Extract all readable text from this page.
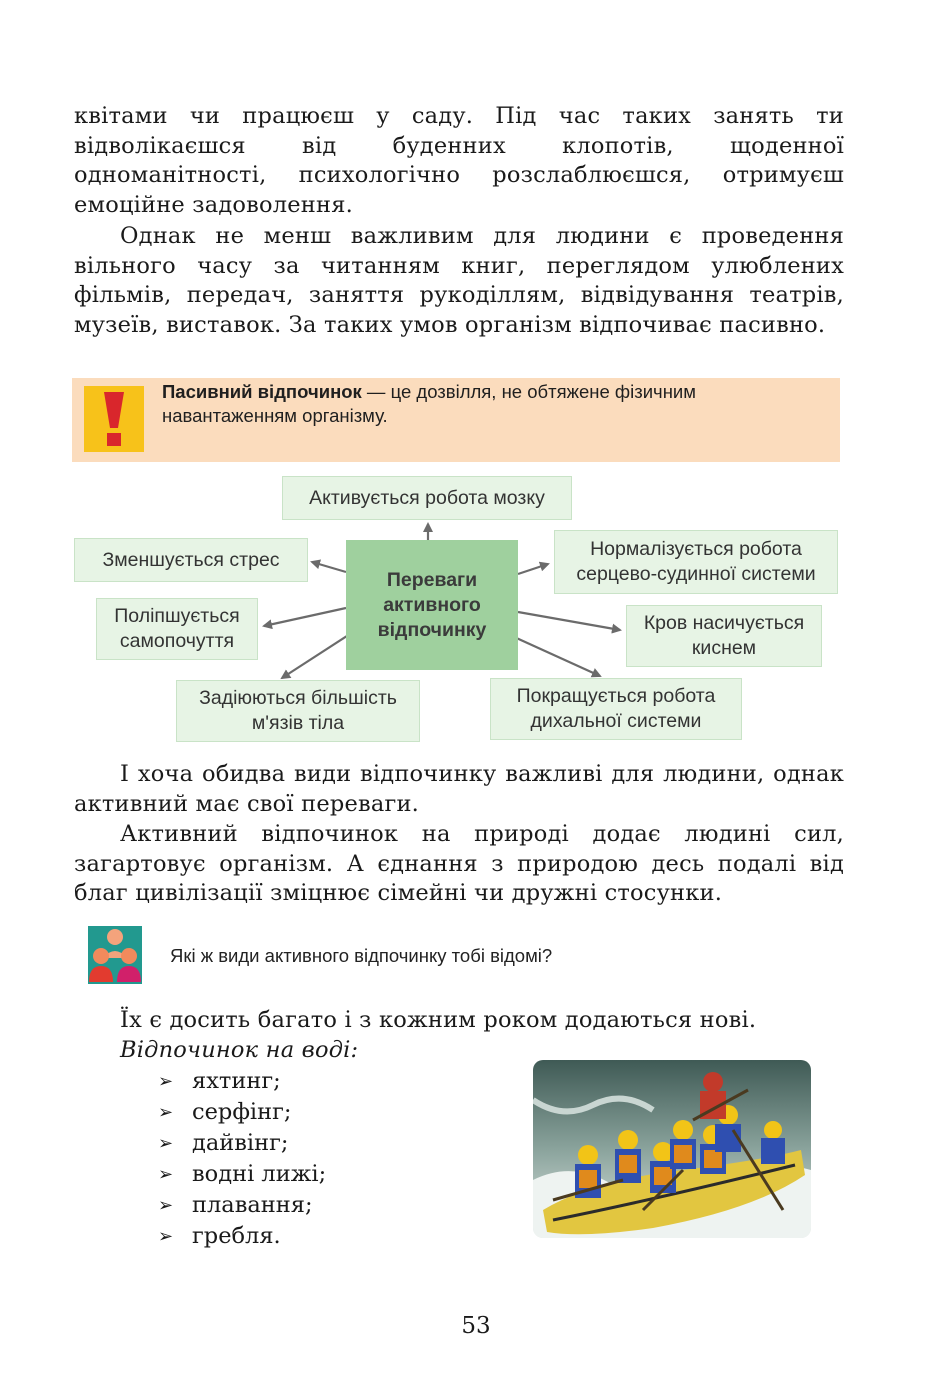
квітами чи працюєш у саду. Під час таких занять ти відволікаєшся від буденних клопотів, щоденної одноманітності, психологічно розслаблюєшся, отримуєш емоційне задоволення.

Однак не менш важливим для людини є проведення вільного часу за читанням книг, переглядом улюблених фільмів, передач, заняття рукоділлям, відвідування театрів, музеїв, виставок. За таких умов організм відпочиває пасивно.

Пасивний відпочинок — це дозвілля, не обтяжене фізичним навантаженням організму.
Активується робота мозку
Зменшується стрес	Нормалізується робота серцево-судинної системи
Поліпшується самопочуття
Кров насичується киснем
Задіюються більшість м'язів тіла
Покращується робота дихальної системи
Переваги активного відпочинку

І хоча обидва види відпочинку важливі для людини, однак активний має свої переваги.

Активний відпочинок на природі додає людині сил, загартовує організм. А єднання з природою десь подалі від благ цивілізації зміцнює сімейні чи дружні стосунки.

Які ж види активного відпочинку тобі відомі?

Їх є досить багато і з кожним роком додаються нові.

Відпочинок на воді:

➢ яхтинг;
➢ серфінг;
➢ дайвінг;
➢ водні лижі;
➢ плавання;
➢ гребля.
53
